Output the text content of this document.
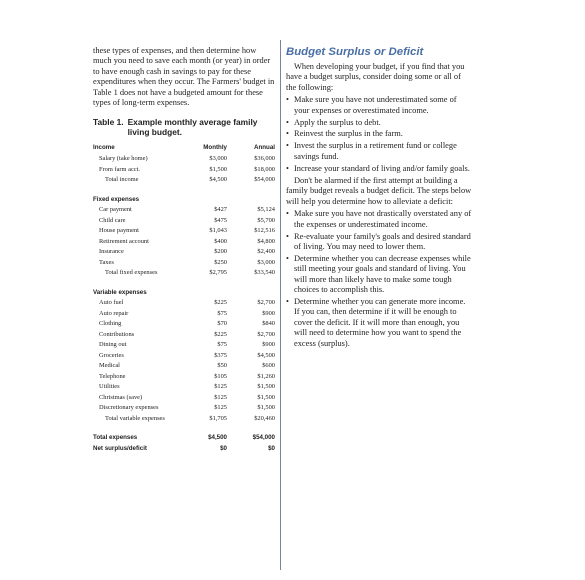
these types of expenses, and then determine how much you need to save each month (or year) in order to have enough cash in savings to pay for these expenditures when they occur. The Farmers' budget in Table 1 does not have a budgeted amount for these types of long-term expenses.

Table 1. Example monthly average family living budget.
Income	Monthly	Annual
Salary (take home)	$3,000	$36,000
From farm acct.	$1,500	$18,000
Total income	$4,500	$54,000

Fixed expenses		
Car payment	$427	$5,124
Child care	$475	$5,700
House payment	$1,043	$12,516
Retirement account	$400	$4,800
Insurance	$200	$2,400
Taxes	$250	$3,000
Total fixed expenses	$2,795	$33,540

Variable expenses		
Auto fuel	$225	$2,700
Auto repair	$75	$900
Clothing	$70	$840
Contributions	$225	$2,700
Dining out	$75	$900
Groceries	$375	$4,500
Medical	$50	$600
Telephone	$105	$1,260
Utilities	$125	$1,500
Christmas (save)	$125	$1,500
Discretionary expenses	$125	$1,500
Total variable expenses	$1,705	$20,460

Total expenses	$4,500	$54,000
Net surplus/deficit	$0	$0
Budget Surplus or Deficit

When developing your budget, if you find that you have a budget surplus, consider doing some or all of the following:

• Make sure you have not underestimated some of your expenses or overestimated income.
• Apply the surplus to debt.
• Reinvest the surplus in the farm.
• Invest the surplus in a retirement fund or college savings fund.
• Increase your standard of living and/or family goals.

Don't be alarmed if the first attempt at building a family budget reveals a budget deficit. The steps below will help you determine how to alleviate a deficit:

• Make sure you have not drastically overstated any of the expenses or underestimated income.
• Re-evaluate your family's goals and desired standard of living. You may need to lower them.
• Determine whether you can decrease expenses while still meeting your goals and standard of living. You will more than likely have to make some tough choices to accomplish this.
• Determine whether you can generate more income. If you can, then determine if it will be enough to cover the deficit. If it will more than enough, you will need to determine how you want to spend the excess (surplus).
